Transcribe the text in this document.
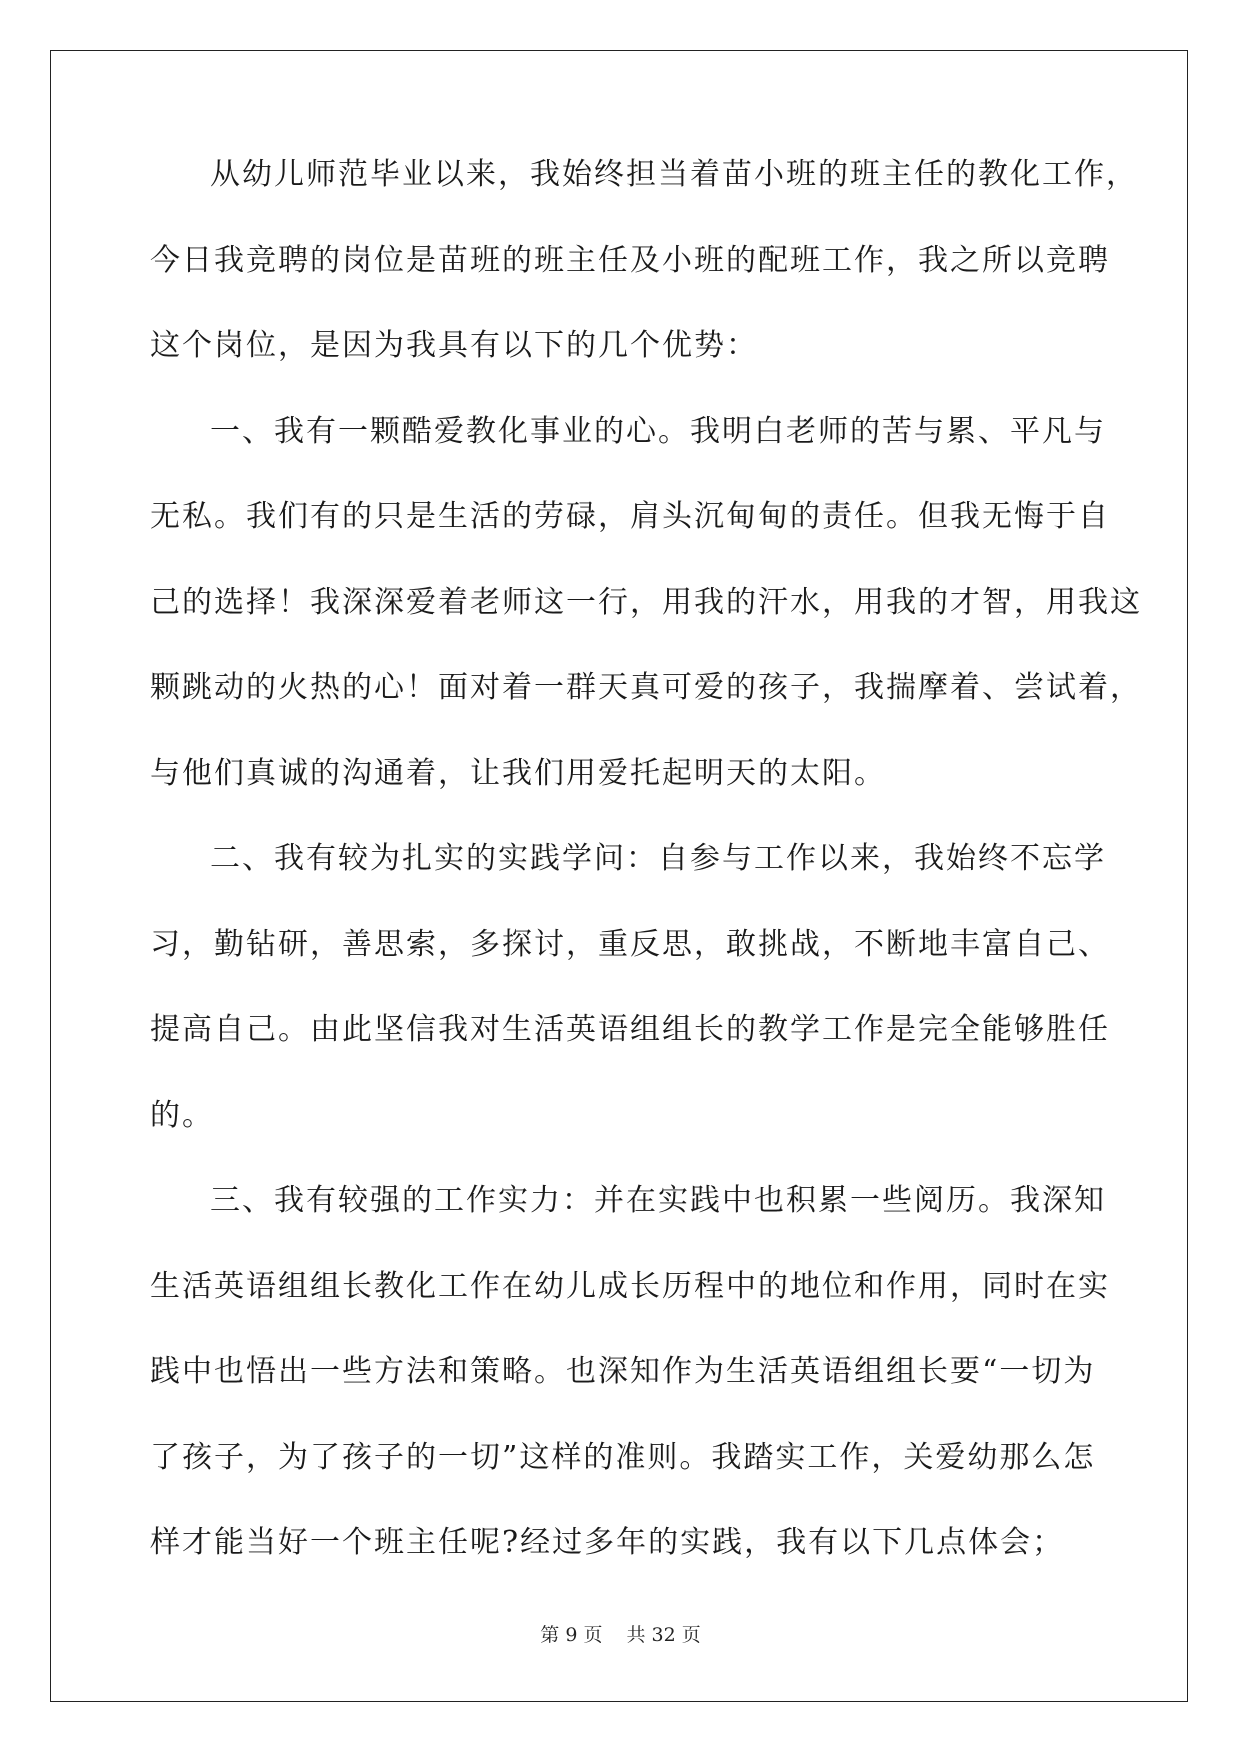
从幼儿师范毕业以来，我始终担当着苗小班的班主任的教化工作，
今日我竞聘的岗位是苗班的班主任及小班的配班工作，我之所以竞聘
这个岗位，是因为我具有以下的几个优势：
一、我有一颗酷爱教化事业的心。我明白老师的苦与累、平凡与
无私。我们有的只是生活的劳碌，肩头沉甸甸的责任。但我无悔于自
己的选择！我深深爱着老师这一行，用我的汗水，用我的才智，用我这
颗跳动的火热的心！面对着一群天真可爱的孩子，我揣摩着、尝试着，
与他们真诚的沟通着，让我们用爱托起明天的太阳。
二、我有较为扎实的实践学问：自参与工作以来，我始终不忘学
习，勤钻研，善思索，多探讨，重反思，敢挑战，不断地丰富自己、
提高自己。由此坚信我对生活英语组组长的教学工作是完全能够胜任
的。
三、我有较强的工作实力：并在实践中也积累一些阅历。我深知
生活英语组组长教化工作在幼儿成长历程中的地位和作用，同时在实
践中也悟出一些方法和策略。也深知作为生活英语组组长要“一切为
了孩子，为了孩子的一切”这样的准则。我踏实工作，关爱幼那么怎
样才能当好一个班主任呢?经过多年的实践，我有以下几点体会；
第 9 页 共 32 页
